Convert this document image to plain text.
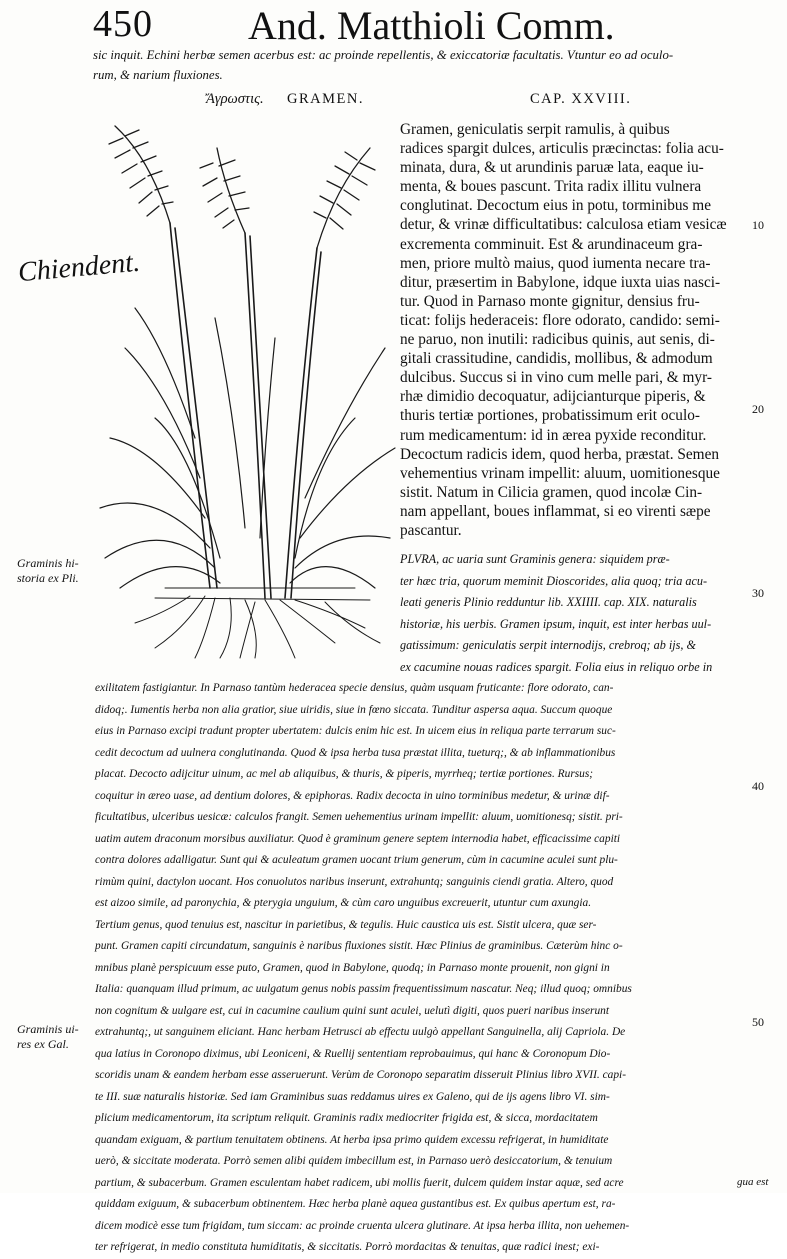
450 And. Matthioli Comm.
sic inquit. Echini herbæ semen acerbus est: ac proinde repellentis, & exiccatoriæ facultatis. Vtuntur eo ad oculo-
rum, & narium fluxiones.
Ἄγρωστις. GRAMEN.	CAP. XXVIII.
Chiendent.
Gramen, geniculatis serpit ramulis, à quibus
radices spargit dulces, articulis præcinctas: folia acu-
minata, dura, & ut arundinis paruæ lata, eaque iu-
menta, & boues pascunt. Trita radix illitu vulnera
conglutinat. Decoctum eius in potu, torminibus me
detur, & vrinæ difficultatibus: calculosa etiam vesicæ
excrementa comminuit. Est & arundinaceum gra-
men, priore multò maius, quod iumenta necare tra-
ditur, præsertim in Babylone, idque iuxta uias nasci-
tur. Quod in Parnaso monte gignitur, densius fru-
ticat: folijs hederaceis: flore odorato, candido: semi-
ne paruo, non inutili: radicibus quinis, aut senis, di-
gitali crassitudine, candidis, mollibus, & admodum
dulcibus. Succus si in vino cum melle pari, & myr-
rhæ dimidio decoquatur, adijcianturque piperis, &
thuris tertiæ portiones, probatissimum erit oculo-
rum medicamentum: id in ærea pyxide reconditur.
Decoctum radicis idem, quod herba, præstat. Semen
vehementius vrinam impellit: aluum, uomitionesque
sistit. Natum in Cilicia gramen, quod incolæ Cin-
nam appellant, boues inflammat, si eo virenti sæpe
pascantur.
10
20
30
40
50
Graminis hi-
storia ex Pli.
Graminis ui-
res ex Gal.
PLVRA, ac uaria sunt Graminis genera: siquidem præ-
ter hæc tria, quorum meminit Dioscorides, alia quoq; tria acu-
leati generis Plinio redduntur lib. XXIIII. cap. XIX. naturalis
historiæ, his uerbis. Gramen ipsum, inquit, est inter herbas uul-
gatissimum: geniculatis serpit internodijs, crebroq; ab ijs, &
ex cacumine nouas radices spargit. Folia eius in reliquo orbe in
exilitatem fastigiantur. In Parnaso tantùm hederacea specie densius, quàm usquam fruticante: flore odorato, can-
didoq;. Iumentis herba non alia gratior, siue uiridis, siue in fœno siccata. Tunditur aspersa aqua. Succum quoque
eius in Parnaso excipi tradunt propter ubertatem: dulcis enim hic est. In uicem eius in reliqua parte terrarum suc-
cedit decoctum ad uulnera conglutinanda. Quod & ipsa herba tusa præstat illita, tueturq;, & ab inflammationibus
placat. Decocto adijcitur uinum, ac mel ab aliquibus, & thuris, & piperis, myrrheq; tertiæ portiones. Rursus;
coquitur in æreo uase, ad dentium dolores, & epiphoras. Radix decocta in uino torminibus medetur, & urinæ dif-
ficultatibus, ulceribus uesicæ: calculos frangit. Semen uehementius urinam impellit: aluum, uomitionesq; sistit. pri-
uatim autem draconum morsibus auxiliatur. Quod è graminum genere septem internodia habet, efficacissime capiti
contra dolores adalligatur. Sunt qui & aculeatum gramen uocant trium generum, cùm in cacumine aculei sunt plu-
rimùm quini, dactylon uocant. Hos conuolutos naribus inserunt, extrahuntq; sanguinis ciendi gratia. Altero, quod
est aizoo simile, ad paronychia, & pterygia unguium, & cùm caro unguibus excreuerit, utuntur cum axungia.
Tertium genus, quod tenuius est, nascitur in parietibus, & tegulis. Huic caustica uis est. Sistit ulcera, quæ ser-
punt. Gramen capiti circundatum, sanguinis è naribus fluxiones sistit. Hæc Plinius de graminibus. Cæterùm hinc o-
mnibus planè perspicuum esse puto, Gramen, quod in Babylone, quodq; in Parnaso monte prouenit, non gigni in
Italia: quanquam illud primum, ac uulgatum genus nobis passim frequentissimum nascatur. Neq; illud quoq; omnibus
non cognitum & uulgare est, cui in cacumine caulium quini sunt aculei, uelutì digiti, quos pueri naribus inserunt
extrahuntq;, ut sanguinem eliciant. Hanc herbam Hetrusci ab effectu uulgò appellant Sanguinella, alij Capriola. De
qua latius in Coronopo diximus, ubi Leoniceni, & Ruellij sententiam reprobauimus, qui hanc & Coronopum Dio-
scoridis unam & eandem herbam esse asseruerunt. Verùm de Coronopo separatim disseruit Plinius libro XVII. capi-
te III. suæ naturalis historiæ. Sed iam Graminibus suas reddamus uires ex Galeno, qui de ijs agens libro VI. sim-
plicium medicamentorum, ita scriptum reliquit. Graminis radix mediocriter frigida est, & sicca, mordacitatem
quandam exiguam, & partium tenuitatem obtinens. At herba ipsa primo quidem excessu refrigerat, in humiditate
uerò, & siccitate moderata. Porrò semen alibi quidem imbecillum est, in Parnaso uerò desiccatorium, & tenuium
partium, & subacerbum. Gramen esculentam habet radicem, ubi mollis fuerit, dulcem quidem instar aquæ, sed acre
quiddam exiguum, & subacerbum obtinentem. Hæc herba planè aquea gustantibus est. Ex quibus apertum est, ra-
dicem modicè esse tum frigidam, tum siccam: ac proinde cruenta ulcera glutinare. At ipsa herba illita, non uehemen-
ter refrigerat, in medio constituta humiditatis, & siccitatis. Porrò mordacitas & tenuitas, quæ radici inest; exi-
gua est
